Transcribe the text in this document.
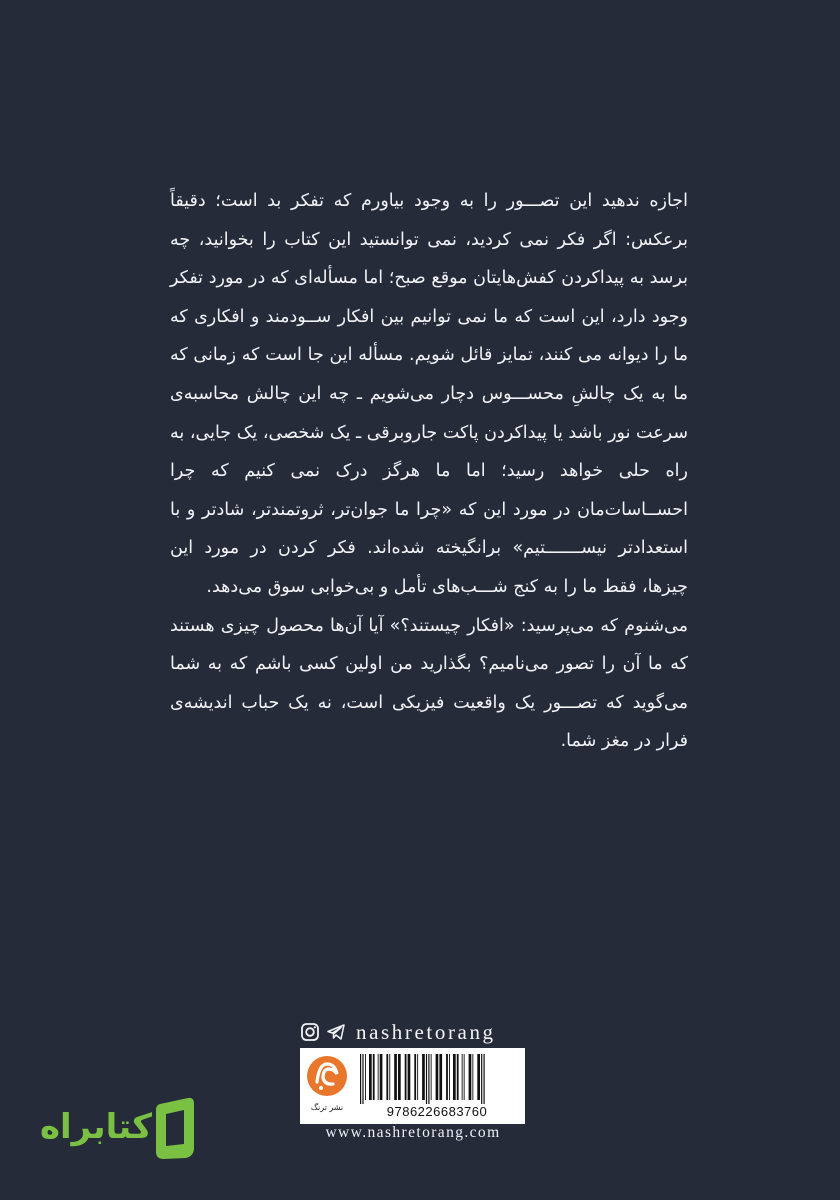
اجازه ندهید این تصـــور را به وجود بیاورم که تفکر بد است؛ دقیقاً برعکس: اگر فکر نمی کردید، نمی توانستید این کتاب را بخوانید، چه برسد به پیداکردن کفش‌هایتان موقع صبح؛ اما مسأله‌ای که در مورد تفکر وجود دارد، این است که ما نمی توانیم بین افکار ســودمند و افکاری که ما را دیوانه می کنند، تمایز قائل شویم. مسأله این جا است که زمانی که ما به یک چالشِ محســـوس دچار می‌شویم ـ چه این چالش محاسبه‌ی سرعت نور باشد یا پیداکردن پاکت جاروبرقی ـ یک شخصی، یک جایی، به راه حلی خواهد رسید؛ اما ما هرگز درک نمی کنیم که چرا احســاسات‌مان در مورد این که «چرا ما جوان‌تر، ثروتمندتر، شادتر و با استعدادتر نیســـــــتیم» برانگیخته شده‌اند. فکر کردن در مورد این چیزها، فقط ما را به کنج شـــب‌های تأمل و بی‌خوابی سوق می‌دهد.

می‌شنوم که می‌پرسید: «افکار چیستند؟» آیا آن‌ها محصول چیزی هستند که ما آن را تصور می‌نامیم؟ بگذارید من اولین کسی باشم که به شما می‌گوید که تصـــور یک واقعیت فیزیکی است، نه یک حباب اندیشه‌ی فرار در مغز شما.

nashretorang
نشر ترنگ	9786226683760
www.nashretorang.com
کتابراه
